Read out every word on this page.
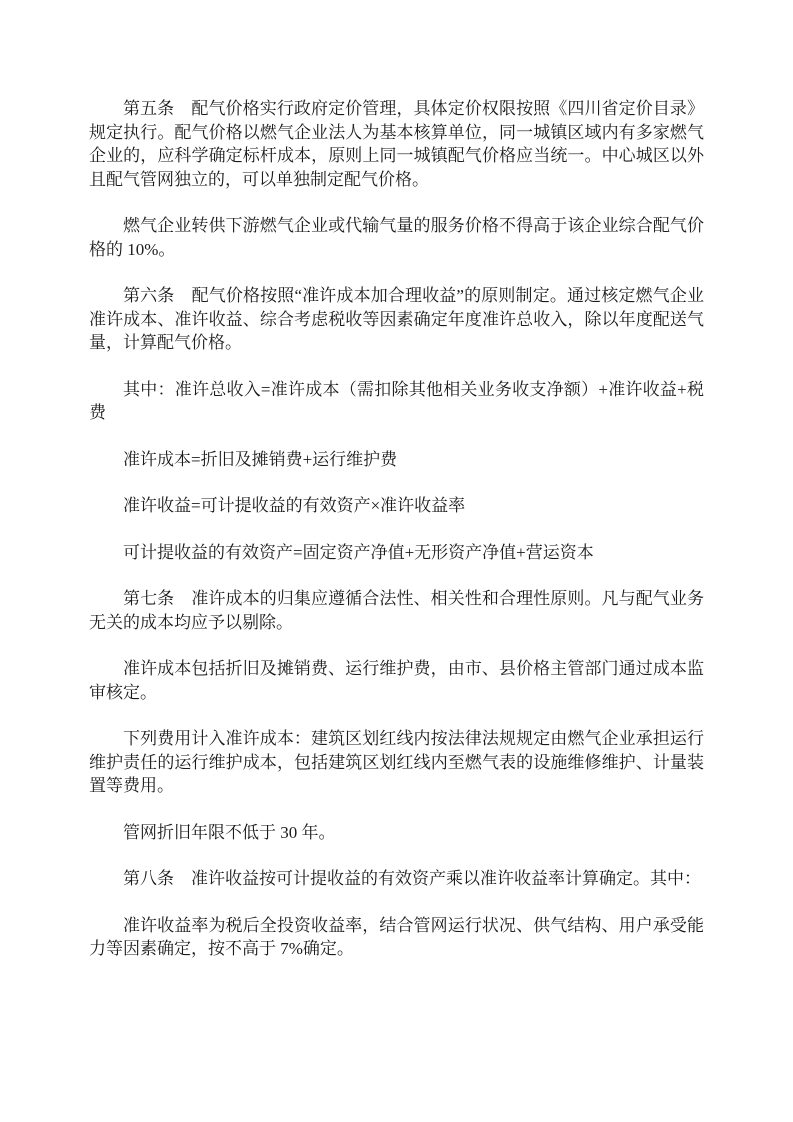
第五条　配气价格实行政府定价管理，具体定价权限按照《四川省定价目录》规定执行。配气价格以燃气企业法人为基本核算单位，同一城镇区域内有多家燃气企业的，应科学确定标杆成本，原则上同一城镇配气价格应当统一。中心城区以外且配气管网独立的，可以单独制定配气价格。

燃气企业转供下游燃气企业或代输气量的服务价格不得高于该企业综合配气价格的 10%。

第六条　配气价格按照“准许成本加合理收益”的原则制定。通过核定燃气企业准许成本、准许收益、综合考虑税收等因素确定年度准许总收入，除以年度配送气量，计算配气价格。

其中：准许总收入=准许成本（需扣除其他相关业务收支净额）+准许收益+税费

准许成本=折旧及摊销费+运行维护费

准许收益=可计提收益的有效资产×准许收益率

可计提收益的有效资产=固定资产净值+无形资产净值+营运资本

第七条　准许成本的归集应遵循合法性、相关性和合理性原则。凡与配气业务无关的成本均应予以剔除。

准许成本包括折旧及摊销费、运行维护费，由市、县价格主管部门通过成本监审核定。

下列费用计入准许成本：建筑区划红线内按法律法规规定由燃气企业承担运行维护责任的运行维护成本，包括建筑区划红线内至燃气表的设施维修维护、计量装置等费用。

管网折旧年限不低于 30 年。

第八条　准许收益按可计提收益的有效资产乘以准许收益率计算确定。其中：

准许收益率为税后全投资收益率，结合管网运行状况、供气结构、用户承受能力等因素确定，按不高于 7%确定。
